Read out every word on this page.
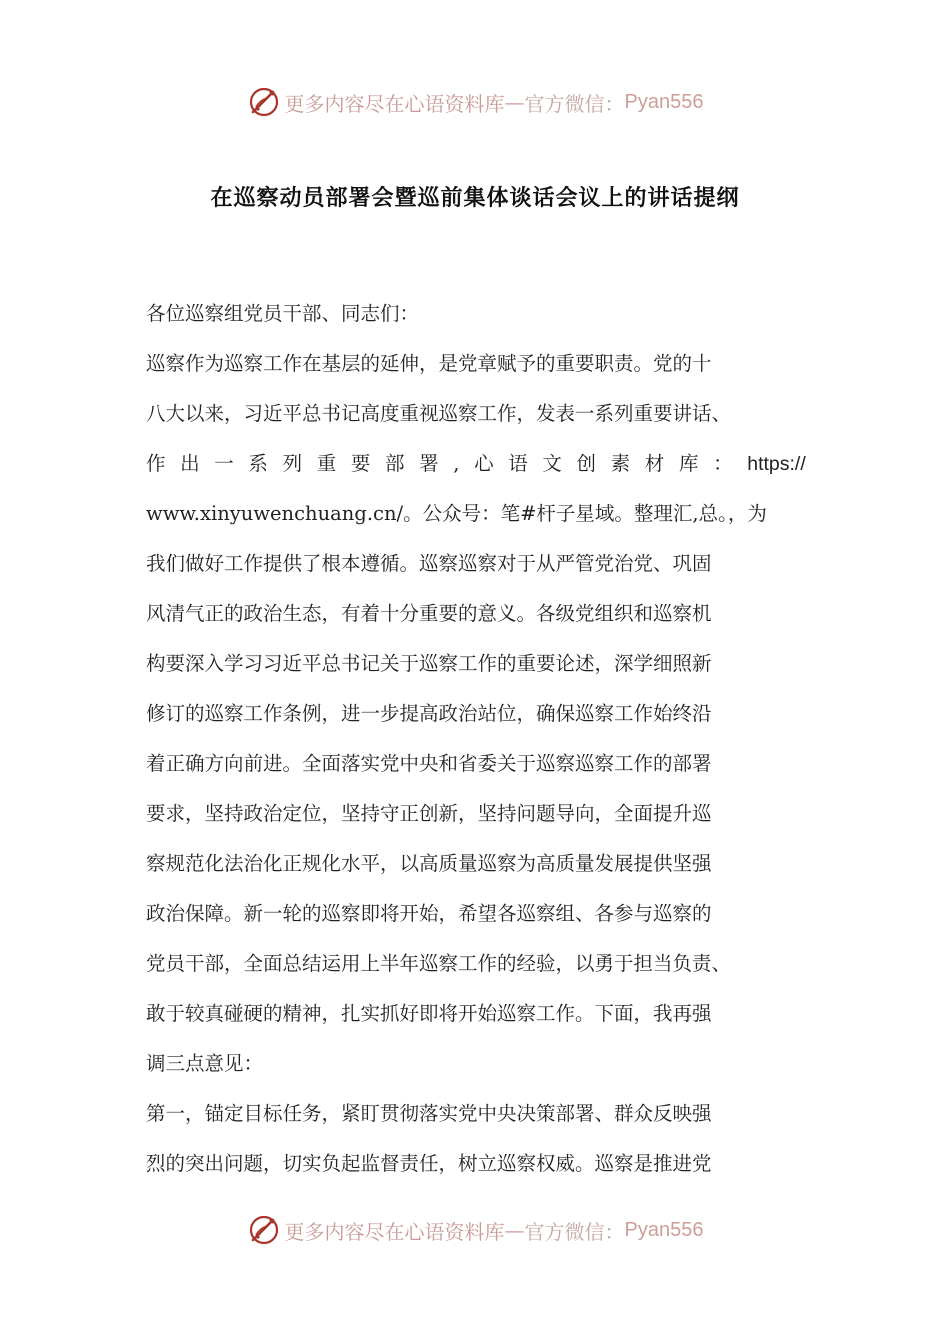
更多内容尽在心语资料库 — 官方微信： Pyan556
在巡察动员部署会暨巡前集体谈话会议上的讲话提纲
各位巡察组党员干部、同志们：
巡察作为巡察工作在基层的延伸，是党章赋予的重要职责。党的十
八大以来，习近平总书记高度重视巡察工作，发表一系列重要讲话、
作 出 一 系 列 重 要 部 署 , 心 语 文 创 素 材 库 ： https://
www.xinyuwenchuang.cn/。公众号：笔#杆子星域。整理汇,总。，为
我们做好工作提供了根本遵循。巡察巡察对于从严管党治党、巩固
风清气正的政治生态，有着十分重要的意义。各级党组织和巡察机
构要深入学习习近平总书记关于巡察工作的重要论述，深学细照新
修订的巡察工作条例，进一步提高政治站位，确保巡察工作始终沿
着正确方向前进。全面落实党中央和省委关于巡察巡察工作的部署
要求，坚持政治定位，坚持守正创新，坚持问题导向，全面提升巡
察规范化法治化正规化水平，以高质量巡察为高质量发展提供坚强
政治保障。新一轮的巡察即将开始，希望各巡察组、各参与巡察的
党员干部，全面总结运用上半年巡察工作的经验，以勇于担当负责、
敢于较真碰硬的精神，扎实抓好即将开始巡察工作。下面，我再强
调三点意见：
第一，锚定目标任务，紧盯贯彻落实党中央决策部署、群众反映强
烈的突出问题，切实负起监督责任，树立巡察权威。巡察是推进党
更多内容尽在心语资料库 — 官方微信： Pyan556
